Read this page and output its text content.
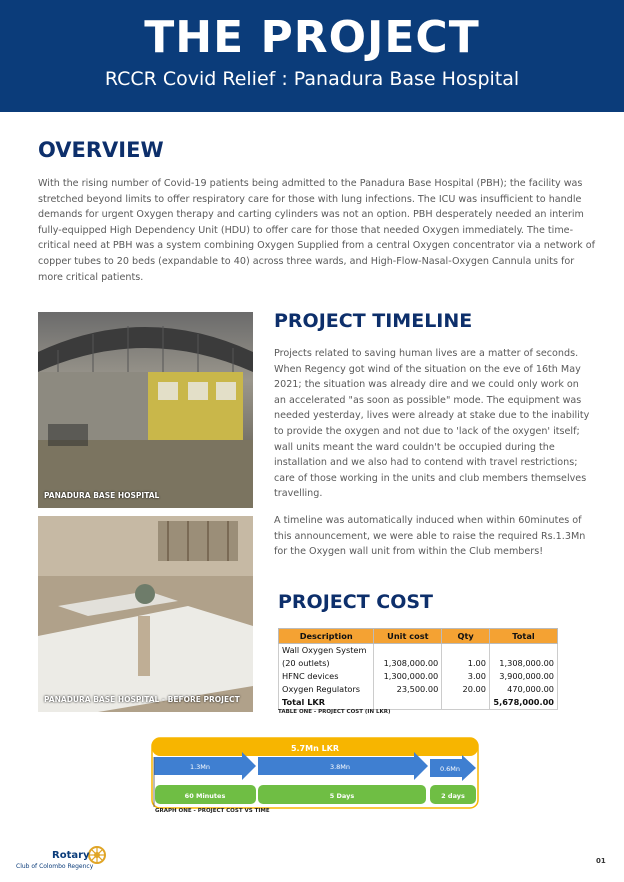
THE PROJECT
RCCR Covid Relief : Panadura Base Hospital
OVERVIEW

With the rising number of Covid-19 patients being admitted to the Panadura Base Hospital (PBH); the facility was stretched beyond limits to offer respiratory care for those with lung infections. The ICU was insufficient to handle demands for urgent Oxygen therapy and carting cylinders was not an option. PBH desperately needed an interim fully-equipped High Dependency Unit (HDU) to offer care for those that needed Oxygen immediately. The time-critical need at PBH was a system combining Oxygen Supplied from a central Oxygen concentrator via a network of copper tubes to 20 beds (expandable to 40) across three wards, and High-Flow-Nasal-Oxygen Cannula units for more critical patients.

PANADURA BASE HOSPITAL
PANADURA BASE HOSPITAL - BEFORE PROJECT
PROJECT TIMELINE

Projects related to saving human lives are a matter of seconds. When Regency got wind of the situation on the eve of 16th May 2021; the situation was already dire and we could only work on an accelerated "as soon as possible" mode. The equipment was needed yesterday, lives were already at stake due to the inability to provide the oxygen and not due to 'lack of the oxygen' itself; wall units meant the ward couldn't be occupied during the installation and we also had to contend with travel restrictions; care of those working in the units and club members themselves travelling.

A timeline was automatically induced when within 60minutes of this announcement, we were able to raise the required Rs.1.3Mn for the Oxygen wall unit from within the Club members!

PROJECT COST
Description	Unit cost	Qty	Total
Wall Oxygen System			
(20 outlets)	1,308,000.00	1.00	1,308,000.00
HFNC devices	1,300,000.00	3.00	3,900,000.00
Oxygen Regulators	23,500.00	20.00	470,000.00
Total LKR			5,678,000.00
TABLE ONE - PROJECT COST (IN LKR)
5.7Mn LKR
1.3Mn	3.8Mn	0.6Mn
60 Minutes	5 Days	2 days
GRAPH ONE - PROJECT COST VS TIME
Rotary
Club of Colombo Regency
01
